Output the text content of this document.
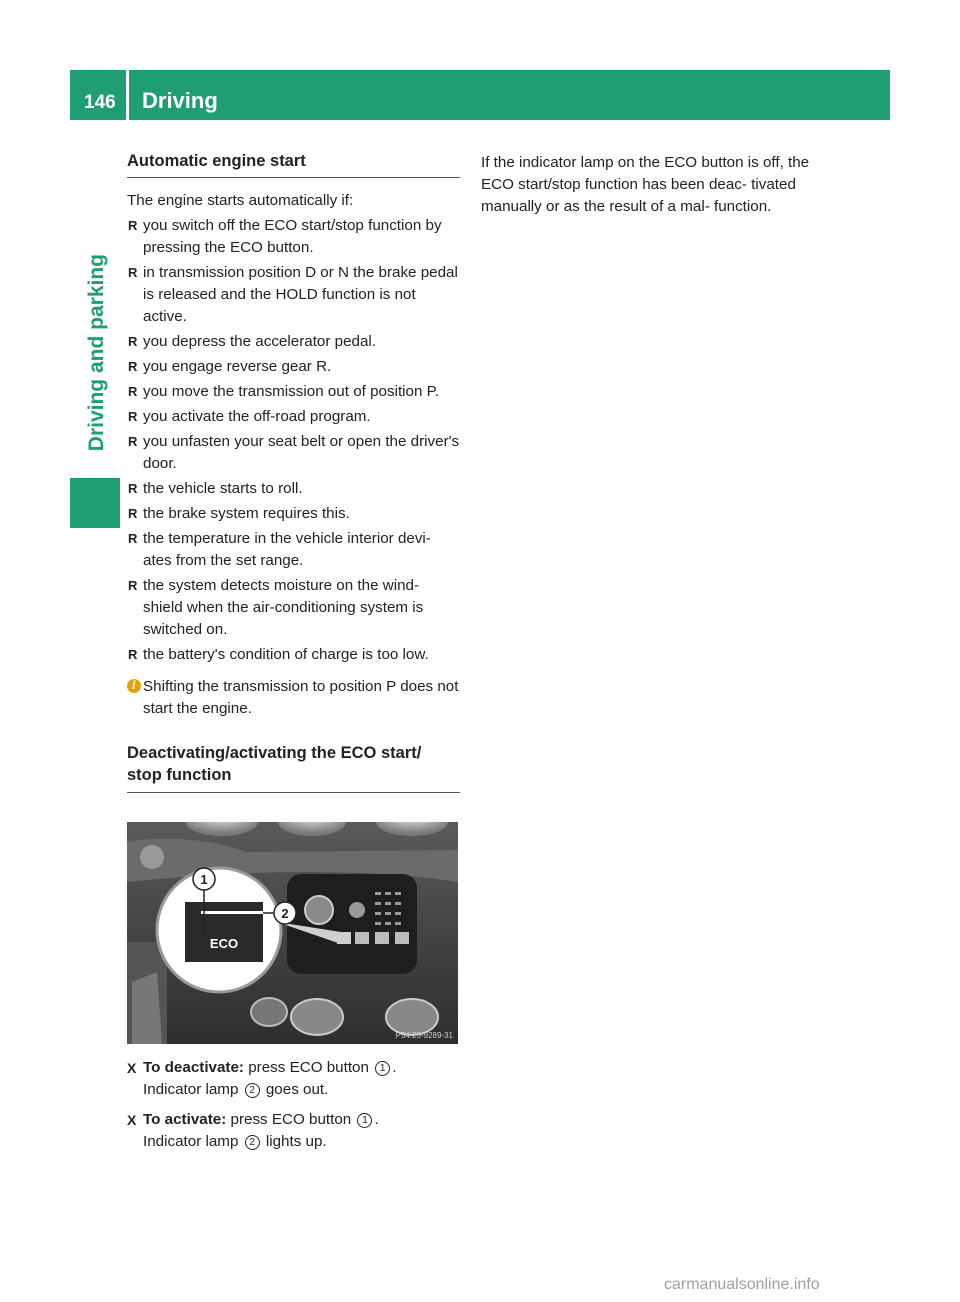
146 Driving
Driving and parking
Automatic engine start
The engine starts automatically if:
R you switch off the ECO start/stop function by pressing the ECO button.
R in transmission position D or N the brake pedal is released and the HOLD function is not active.
R you depress the accelerator pedal.
R you engage reverse gear R.
R you move the transmission out of position P.
R you activate the off-road program.
R you unfasten your seat belt or open the driver's door.
R the vehicle starts to roll.
R the brake system requires this.
R the temperature in the vehicle interior devi- ates from the set range.
R the system detects moisture on the wind- shield when the air-conditioning system is switched on.
R the battery's condition of charge is too low.
i Shifting the transmission to position P does not start the engine.
Deactivating/activating the ECO start/ stop function
1
2
ECO
P54.25-9289-31
X To deactivate: press ECO button 1 .
Indicator lamp 2 goes out.
X To activate: press ECO button 1 .
Indicator lamp 2 lights up.
If the indicator lamp on the ECO button is off, the ECO start/stop function has been deac- tivated manually or as the result of a mal- function.
carmanualsonline.info
